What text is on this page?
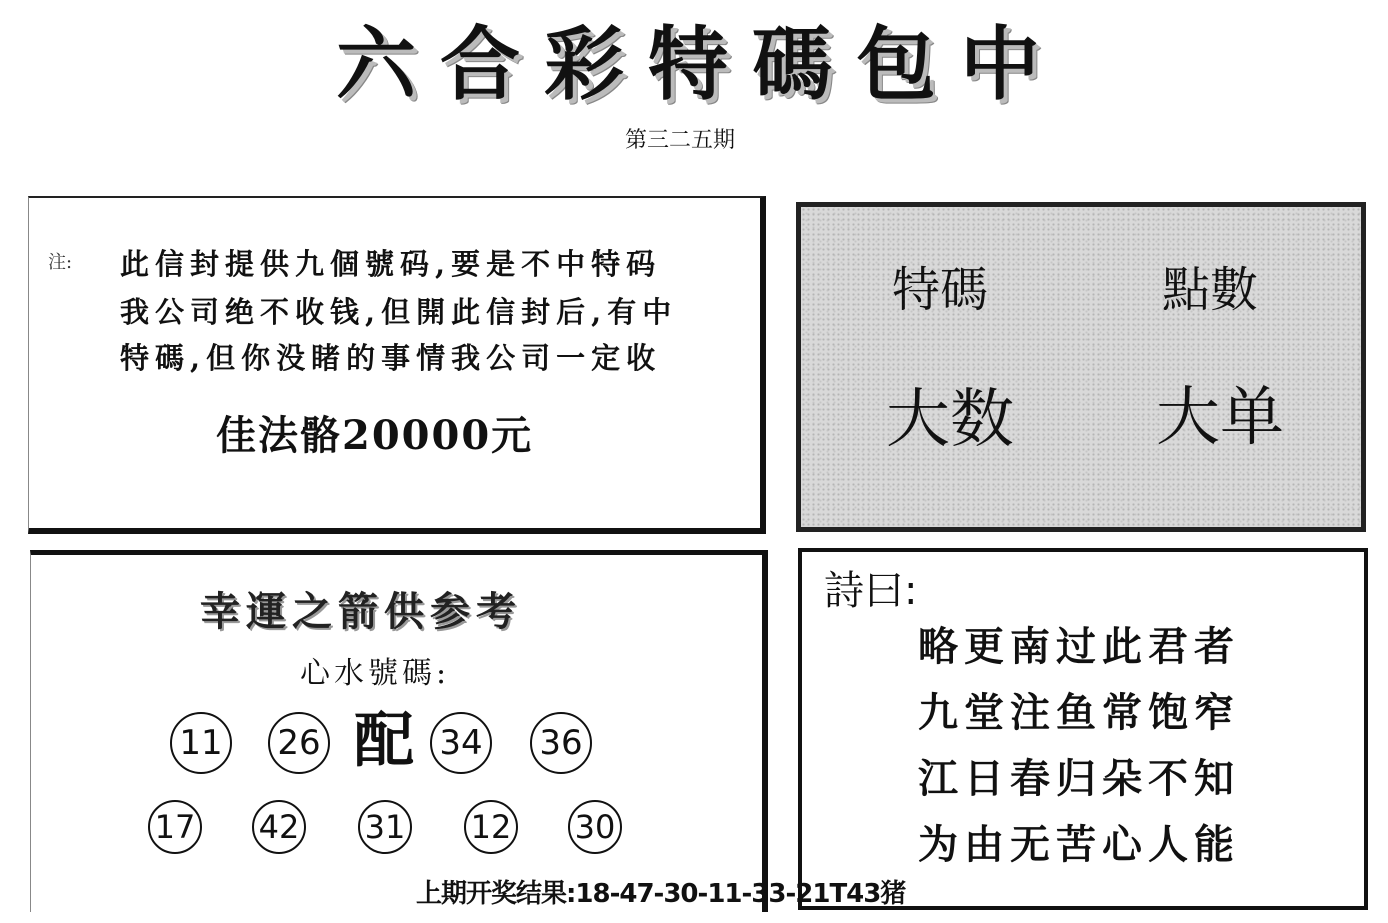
六合彩特碼包中
第三二五期
注: 此信封提供九個號码,要是不中特码
我公司绝不收钱,但開此信封后,有中
特碼,但你没睹的事情我公司一定收
佳法骼20000元
特碼	點數
大数 大单
幸運之箭供参考
心水號碼:
11 26 配 34 36
17 42 31 12 30
詩曰:
略更南过此君者
九堂注鱼常饱窄
江日春归朵不知
为由无苦心人能
上期开奖结果:18-47-30-11-33-21T43猪
